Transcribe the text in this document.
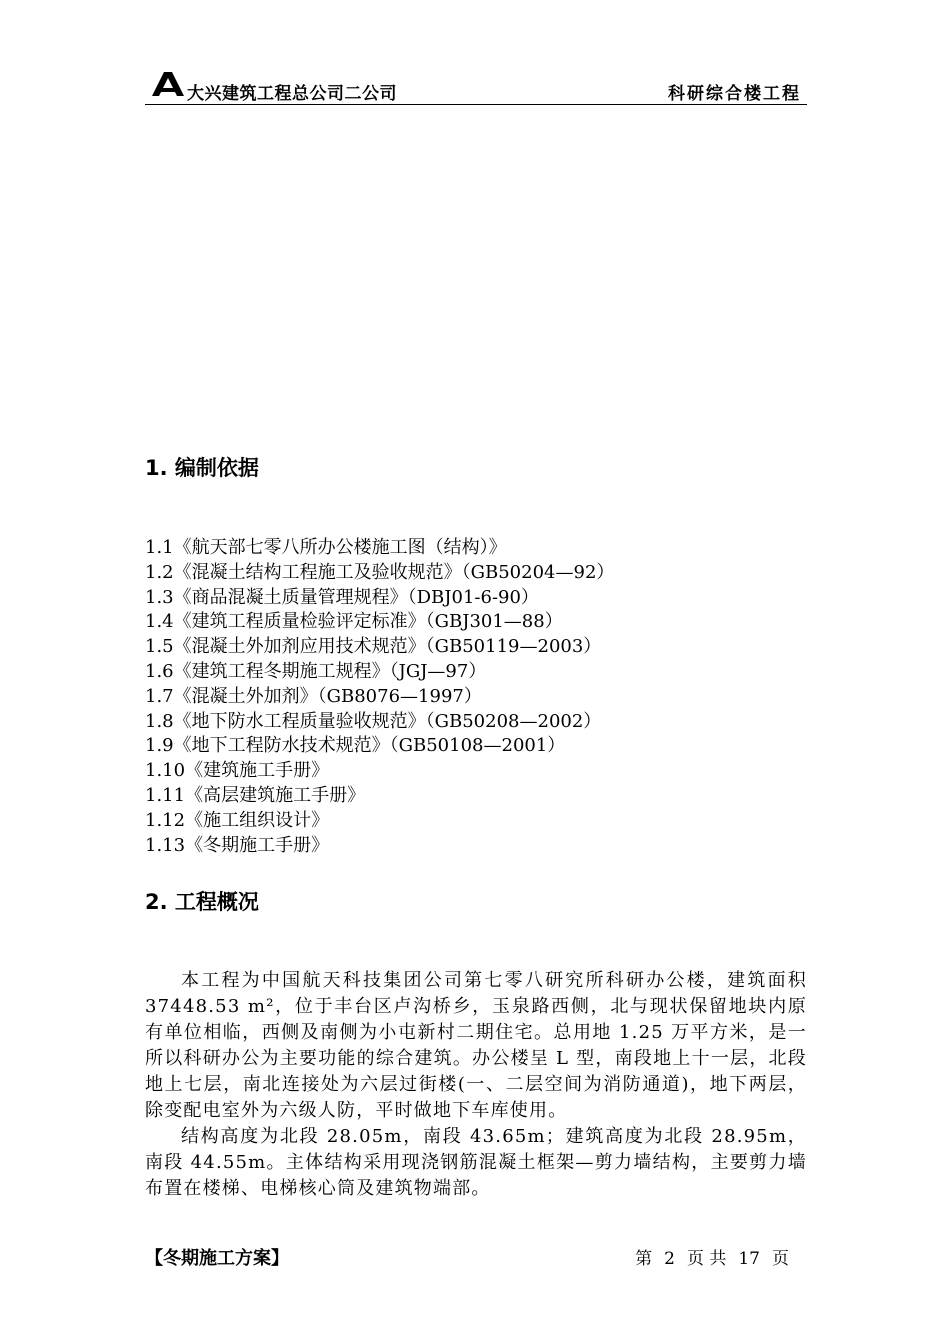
大兴建筑工程总公司二公司	科研综合楼工程
1. 编制依据
1.1《航天部七零八所办公楼施工图（结构）》
1.2《混凝土结构工程施工及验收规范》（GB50204—92）
1.3《商品混凝土质量管理规程》（DBJ01-6-90）
1.4《建筑工程质量检验评定标准》（GBJ301—88）
1.5《混凝土外加剂应用技术规范》（GB50119—2003）
1.6《建筑工程冬期施工规程》（JGJ—97）
1.7《混凝土外加剂》（GB8076—1997）
1.8《地下防水工程质量验收规范》（GB50208—2002）
1.9《地下工程防水技术规范》（GB50108—2001）
1.10《建筑施工手册》
1.11《高层建筑施工手册》
1.12《施工组织设计》
1.13《冬期施工手册》
2. 工程概况

本工程为中国航天科技集团公司第七零八研究所科研办公楼，建筑面积 37448.53 m²，位于丰台区卢沟桥乡，玉泉路西侧，北与现状保留地块内原有单位相临，西侧及南侧为小屯新村二期住宅。总用地 1.25 万平方米，是一所以科研办公为主要功能的综合建筑。办公楼呈 L 型，南段地上十一层，北段地上七层，南北连接处为六层过街楼(一、二层空间为消防通道)，地下两层，除变配电室外为六级人防，平时做地下车库使用。

结构高度为北段 28.05m，南段 43.65m；建筑高度为北段 28.95m，南段 44.55m。主体结构采用现浇钢筋混凝土框架—剪力墙结构，主要剪力墙布置在楼梯、电梯核心筒及建筑物端部。

【冬期施工方案】	第 2 页 共 17 页
